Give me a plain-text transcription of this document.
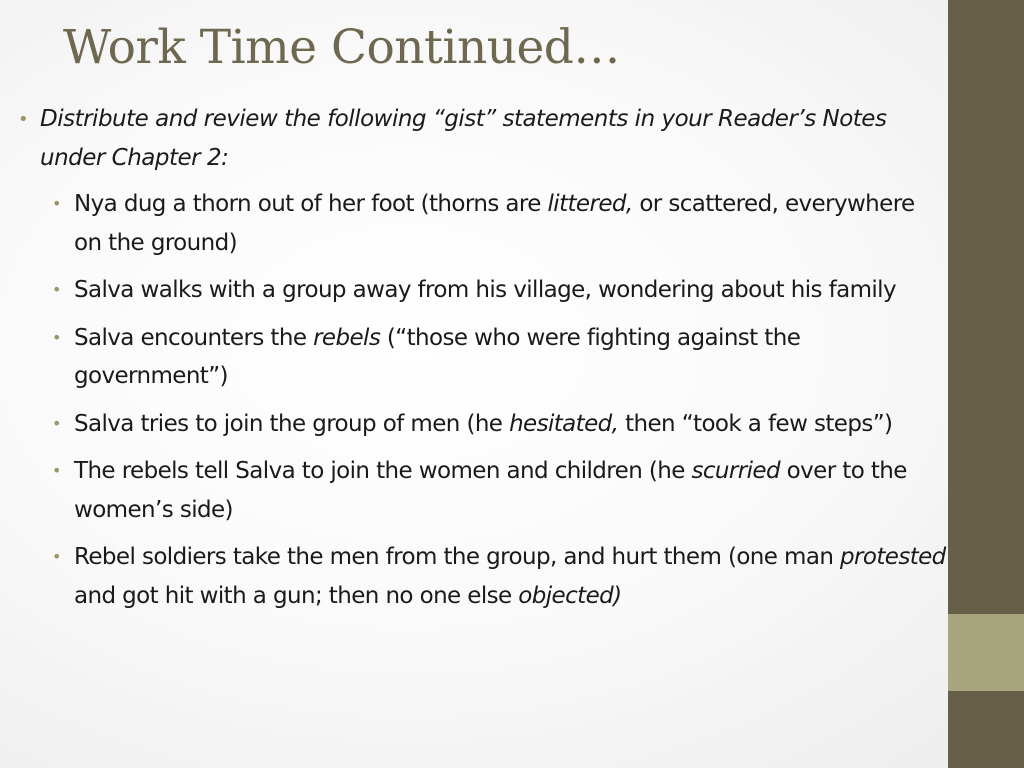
Work Time Continued…
• Distribute and review the following “gist” statements in your Reader’s Notes under Chapter 2:
• Nya dug a thorn out of her foot (thorns are littered, or scattered, everywhere on the ground)
• Salva walks with a group away from his village, wondering about his family
• Salva encounters the rebels (“those who were fighting against the government”)
• Salva tries to join the group of men (he hesitated, then “took a few steps”)
• The rebels tell Salva to join the women and children (he scurried over to the women’s side)
• Rebel soldiers take the men from the group, and hurt them (one man protested and got hit with a gun; then no one else objected)
